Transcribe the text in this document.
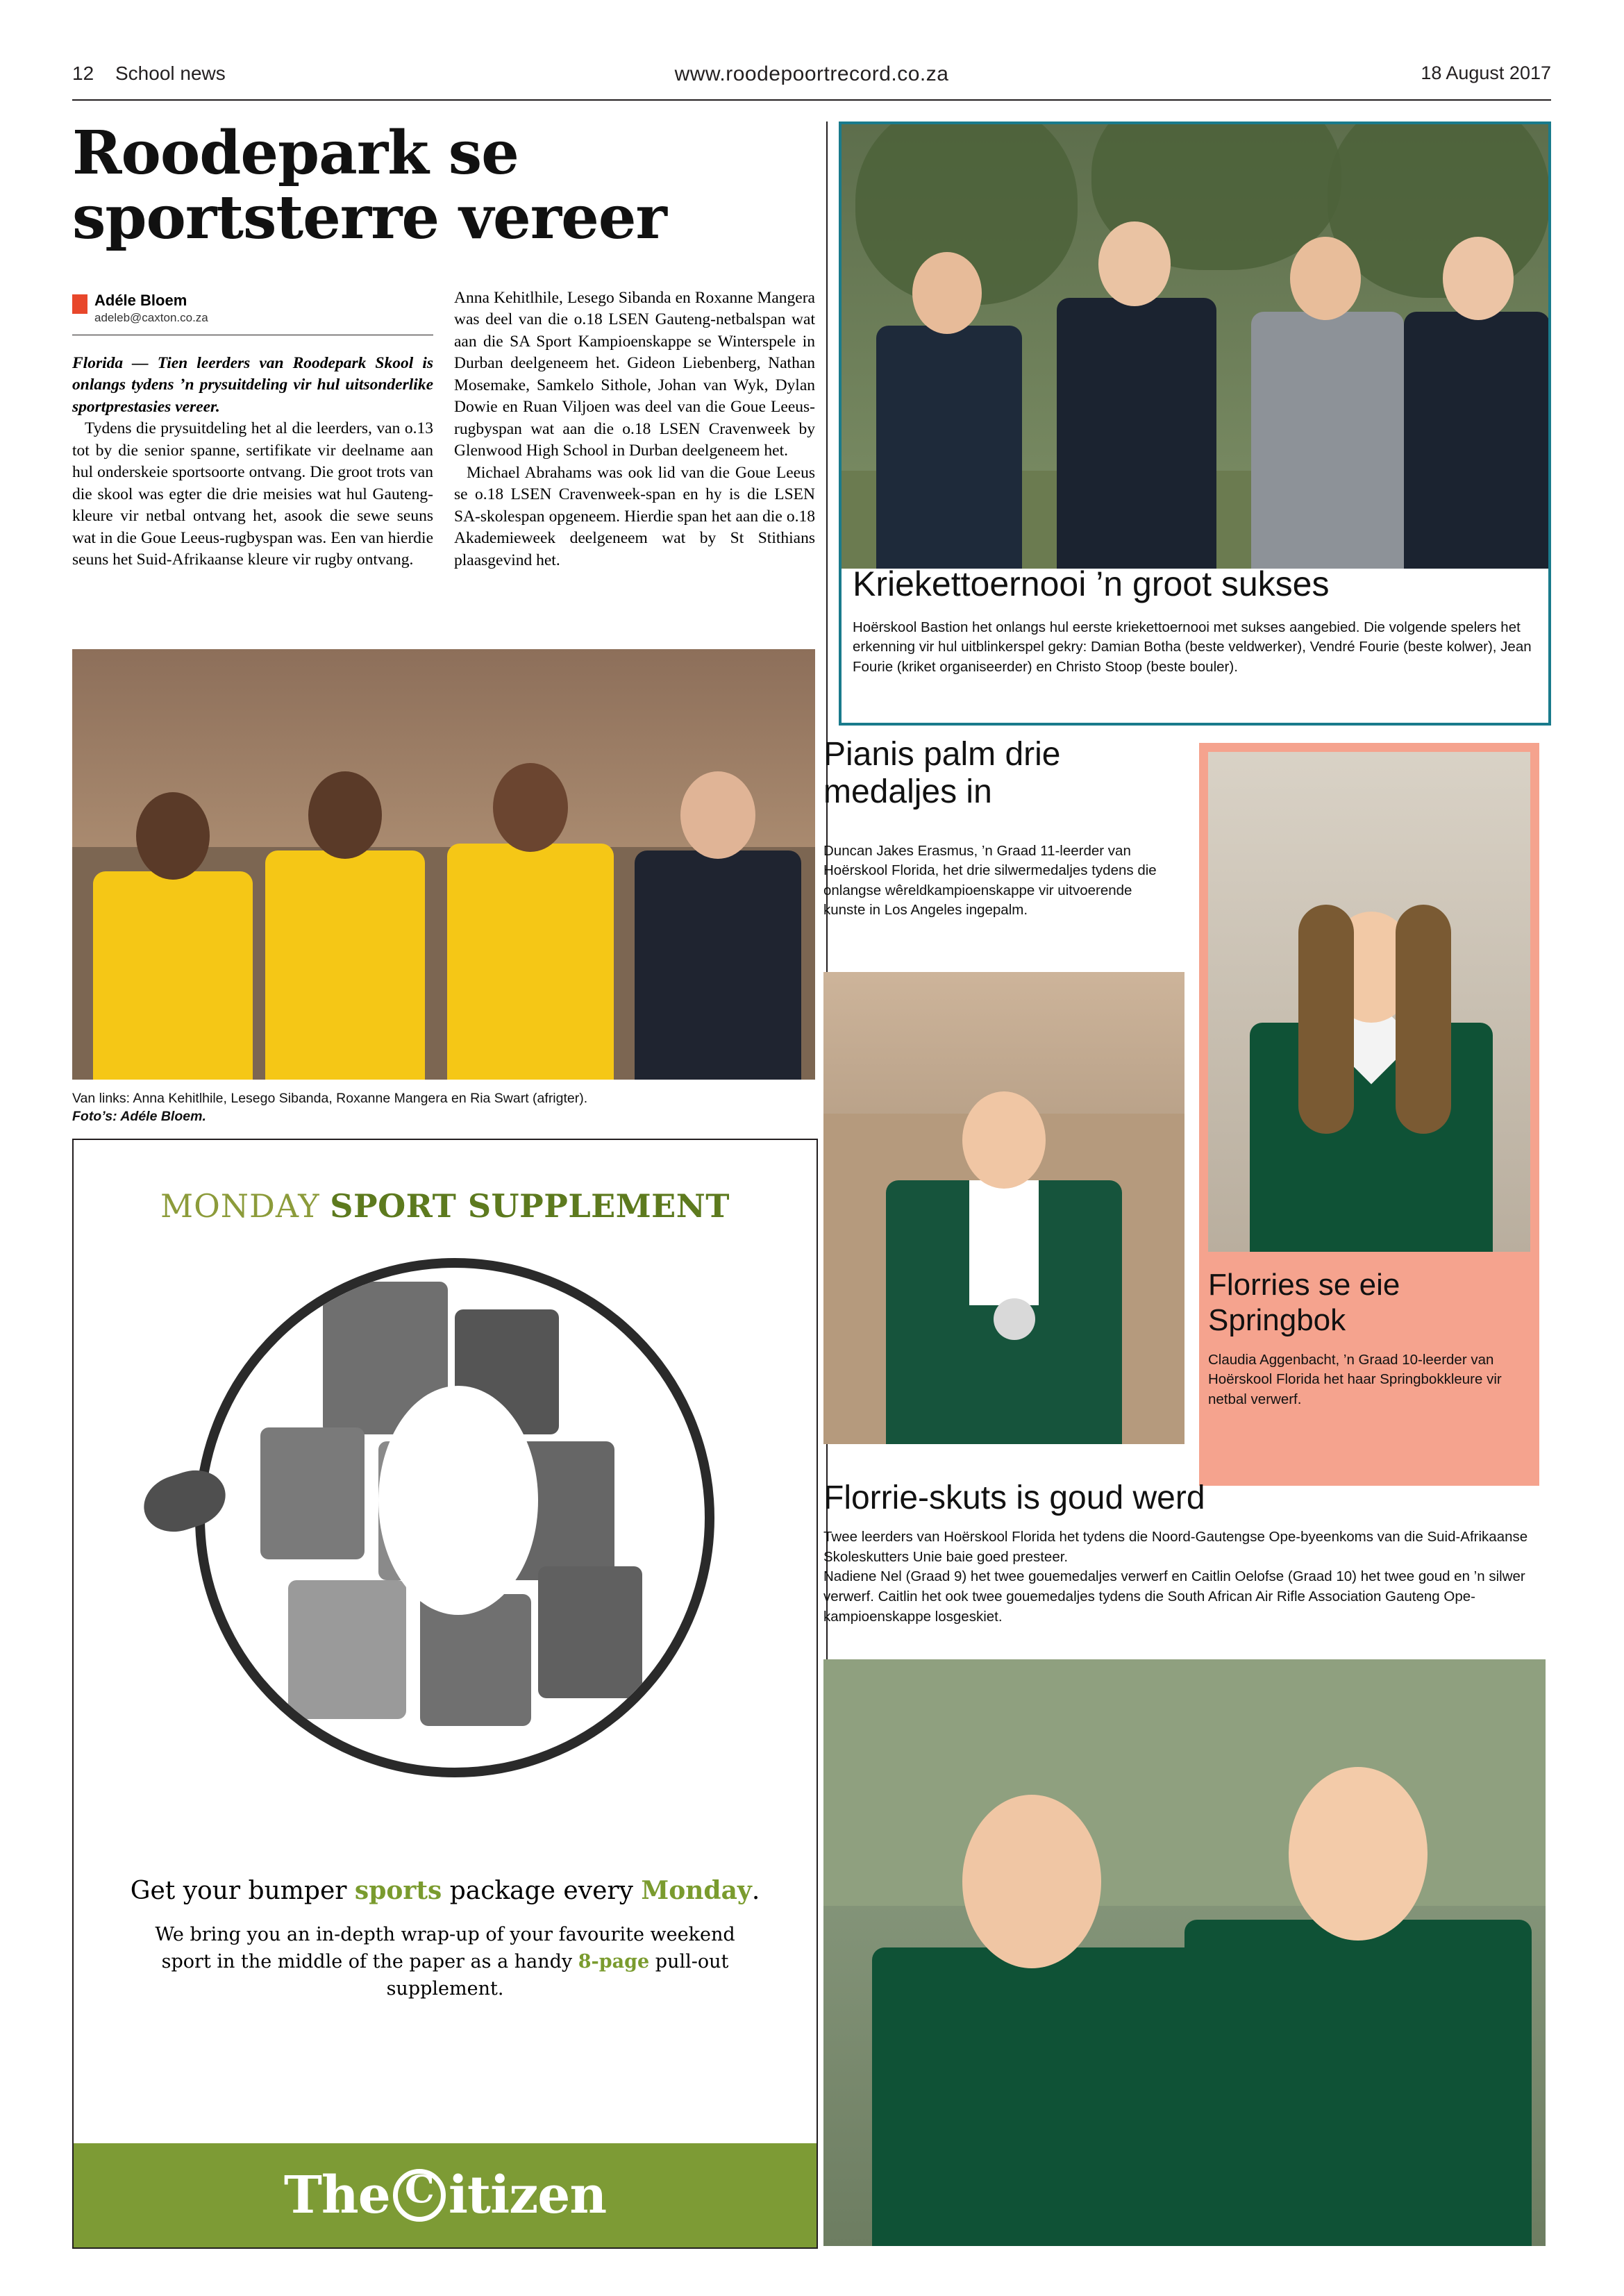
12 School news	www.roodepoortrecord.co.za	18 August 2017
Roodepark se sportsterre vereer
Adéle Bloem
adeleb@caxton.co.za

Florida — Tien leerders van Roodepark Skool is onlangs tydens ’n prysuitdeling vir hul uitsonderlike sportprestasies vereer.

Tydens die prysuitdeling het al die leerders, van o.13 tot by die senior spanne, sertifikate vir deelname aan hul onderskeie sportsoorte ontvang. Die groot trots van die skool was egter die drie meisies wat hul Gauteng-kleure vir netbal ontvang het, asook die sewe seuns wat in die Goue Leeus-rugbyspan was. Een van hierdie seuns het Suid-Afrikaanse kleure vir rugby ontvang.

Anna Kehitlhile, Lesego Sibanda en Roxanne Mangera was deel van die o.18 LSEN Gauteng-netbalspan wat aan die SA Sport Kampioenskappe se Winterspele in Durban deelgeneem het. Gideon Liebenberg, Nathan Mosemake, Samkelo Sithole, Johan van Wyk, Dylan Dowie en Ruan Viljoen was deel van die Goue Leeus-rugbyspan wat aan die o.18 LSEN Cravenweek by Glenwood High School in Durban deelgeneem het.

Michael Abrahams was ook lid van die Goue Leeus se o.18 LSEN Cravenweek-span en hy is die LSEN SA-skolespan opgeneem. Hierdie span het aan die o.18 Akademieweek deelgeneem wat by St Stithians plaasgevind het.

Van links: Anna Kehitlhile, Lesego Sibanda, Roxanne Mangera en Ria Swart (afrigter).
Foto’s: Adéle Bloem.
MONDAY SPORT SUPPLEMENT
Get your bumper sports package every Monday.
We bring you an in-depth wrap-up of your favourite weekend sport in the middle of the paper as a handy 8-page pull-out supplement.
The C itizen
Kriekettoernooi ’n groot sukses
Hoërskool Bastion het onlangs hul eerste kriekettoernooi met sukses aangebied. Die volgende spelers het erkenning vir hul uitblinkerspel gekry: Damian Botha (beste veldwerker), Vendré Fourie (beste kolwer), Jean Fourie (kriket organiseerder) en Christo Stoop (beste bouler).
Pianis palm drie medaljes in
Duncan Jakes Erasmus, ’n Graad 11-leerder van Hoërskool Florida, het drie silwermedaljes tydens die onlangse wêreldkampioenskappe vir uitvoerende kunste in Los Angeles ingepalm.
Florries se eie Springbok
Claudia Aggenbacht, ’n Graad 10-leerder van Hoërskool Florida het haar Springbokkleure vir netbal verwerf.
Florrie-skuts is goud werd
Twee leerders van Hoërskool Florida het tydens die Noord-Gautengse Ope-byeenkoms van die Suid-Afrikaanse Skoleskutters Unie baie goed presteer.
Nadiene Nel (Graad 9) het twee gouemedaljes verwerf en Caitlin Oelofse (Graad 10) het twee goud en ’n silwer verwerf. Caitlin het ook twee gouemedaljes tydens die South African Air Rifle Association Gauteng Ope-kampioenskappe losgeskiet.
